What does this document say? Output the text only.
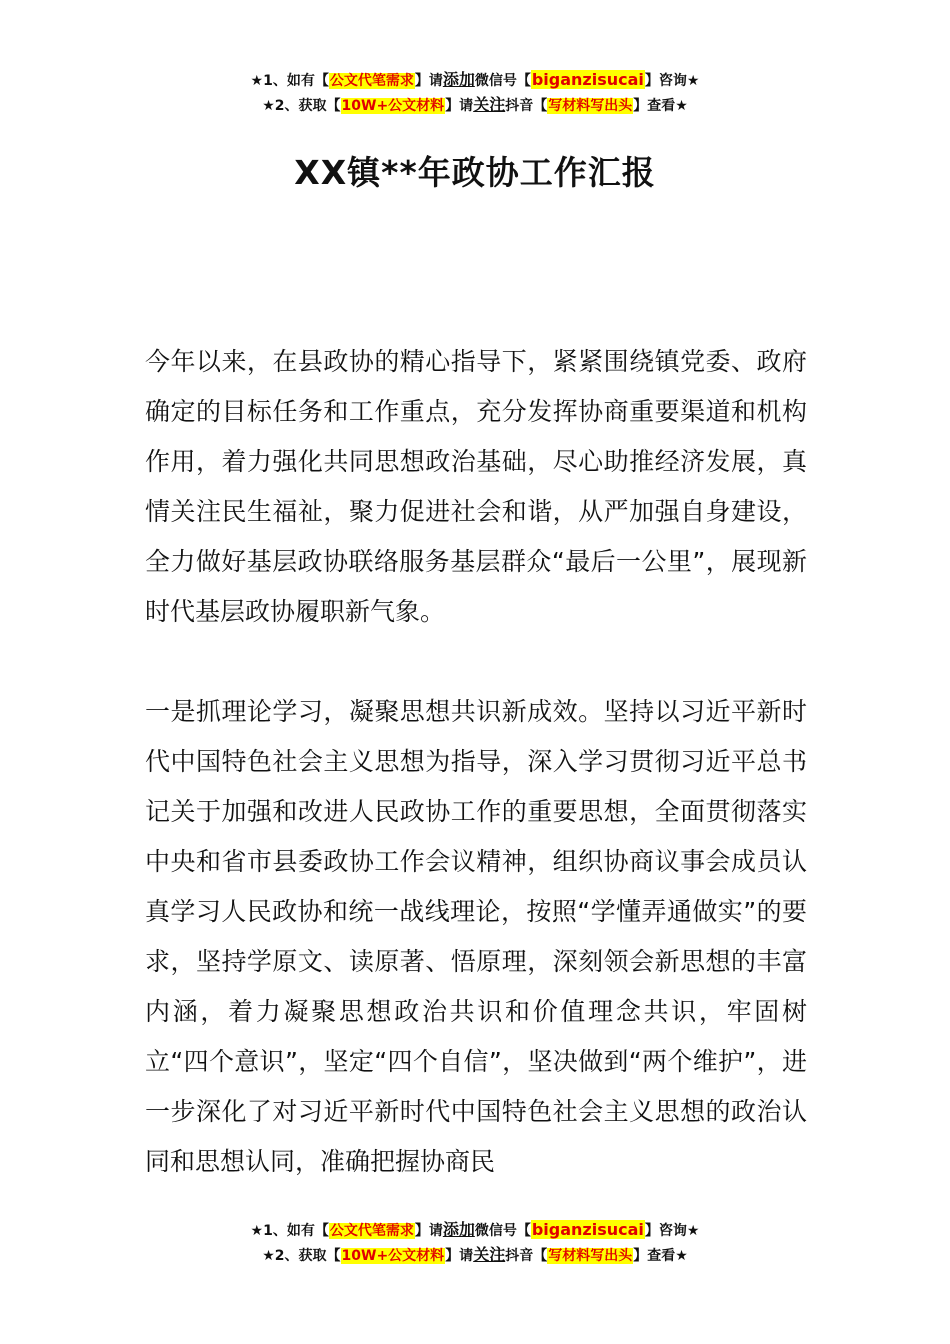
★1、如有【公文代笔需求】请添加微信号【biganzisucai】咨询★
★2、获取【10W+公文材料】请关注抖音【写材料写出头】查看★
XX镇**年政协工作汇报

今年以来，在县政协的精心指导下，紧紧围绕镇党委、政府确定的目标任务和工作重点，充分发挥协商重要渠道和机构作用，着力强化共同思想政治基础，尽心助推经济发展，真情关注民生福祉，聚力促进社会和谐，从严加强自身建设，全力做好基层政协联络服务基层群众“最后一公里”，展现新时代基层政协履职新气象。

一是抓理论学习，凝聚思想共识新成效。坚持以习近平新时代中国特色社会主义思想为指导，深入学习贯彻习近平总书记关于加强和改进人民政协工作的重要思想，全面贯彻落实中央和省市县委政协工作会议精神，组织协商议事会成员认真学习人民政协和统一战线理论，按照“学懂弄通做实”的要求，坚持学原文、读原著、悟原理，深刻领会新思想的丰富内涵，着力凝聚思想政治共识和价值理念共识，牢固树立“四个意识”，坚定“四个自信”，坚决做到“两个维护”，进一步深化了对习近平新时代中国特色社会主义思想的政治认同和思想认同，准确把握协商民

★1、如有【公文代笔需求】请添加微信号【biganzisucai】咨询★
★2、获取【10W+公文材料】请关注抖音【写材料写出头】查看★
